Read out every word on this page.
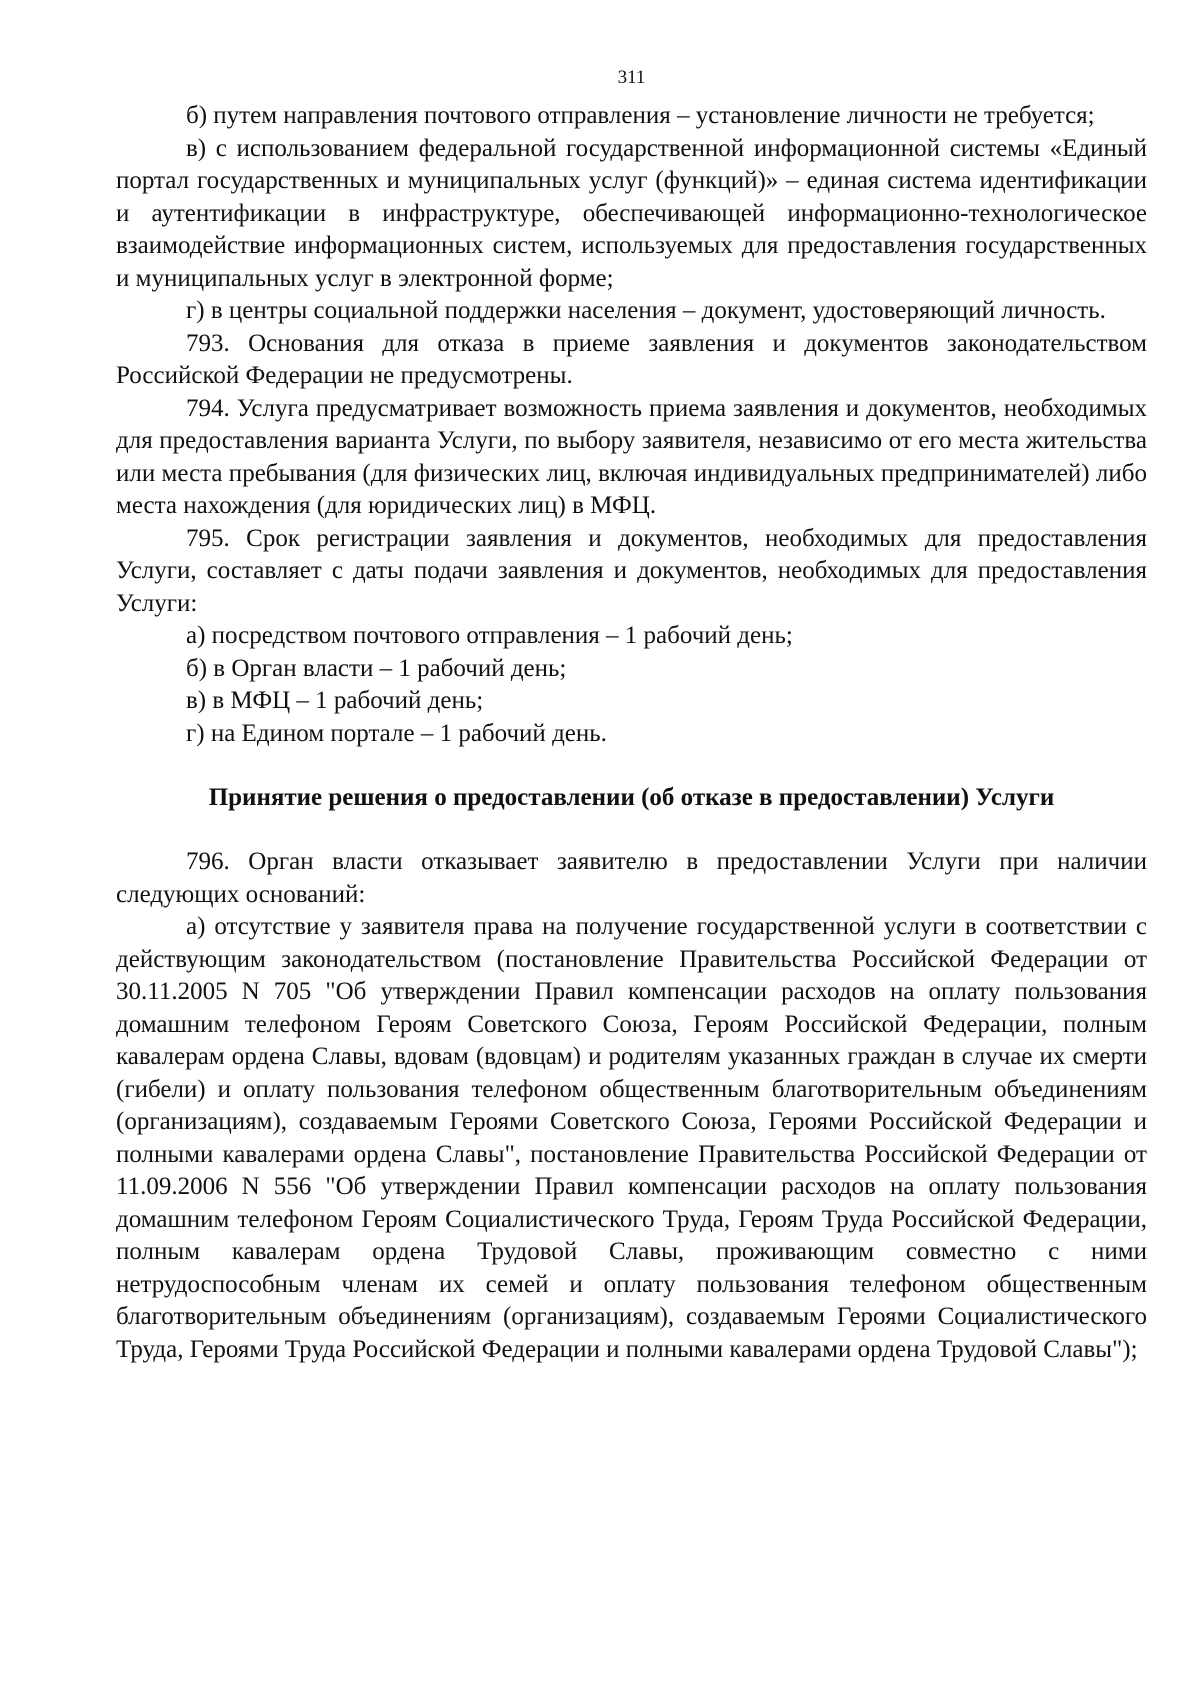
311

б) путем направления почтового отправления – установление личности не требуется;

в) с использованием федеральной государственной информационной системы «Единый портал государственных и муниципальных услуг (функций)» – единая система идентификации и аутентификации в инфраструктуре, обеспечивающей информационно-технологическое взаимодействие информационных систем, используемых для предоставления государственных и муниципальных услуг в электронной форме;

г) в центры социальной поддержки населения – документ, удостоверяющий личность.

793. Основания для отказа в приеме заявления и документов законодательством Российской Федерации не предусмотрены.

794. Услуга предусматривает возможность приема заявления и документов, необходимых для предоставления варианта Услуги, по выбору заявителя, независимо от его места жительства или места пребывания (для физических лиц, включая индивидуальных предпринимателей) либо места нахождения (для юридических лиц) в МФЦ.

795. Срок регистрации заявления и документов, необходимых для предоставления Услуги, составляет с даты подачи заявления и документов, необходимых для предоставления Услуги:

а) посредством почтового отправления – 1 рабочий день;

б) в Орган власти – 1 рабочий день;

в) в МФЦ – 1 рабочий день;

г) на Едином портале – 1 рабочий день.

Принятие решения о предоставлении (об отказе в предоставлении) Услуги

796. Орган власти отказывает заявителю в предоставлении Услуги при наличии следующих оснований:

а) отсутствие у заявителя права на получение государственной услуги в соответствии с действующим законодательством (постановление Правительства Российской Федерации от 30.11.2005 N 705 "Об утверждении Правил компенсации расходов на оплату пользования домашним телефоном Героям Советского Союза, Героям Российской Федерации, полным кавалерам ордена Славы, вдовам (вдовцам) и родителям указанных граждан в случае их смерти (гибели) и оплату пользования телефоном общественным благотворительным объединениям (организациям), создаваемым Героями Советского Союза, Героями Российской Федерации и полными кавалерами ордена Славы", постановление Правительства Российской Федерации от 11.09.2006 N 556 "Об утверждении Правил компенсации расходов на оплату пользования домашним телефоном Героям Социалистического Труда, Героям Труда Российской Федерации, полным кавалерам ордена Трудовой Славы, проживающим совместно с ними нетрудоспособным членам их семей и оплату пользования телефоном общественным благотворительным объединениям (организациям), создаваемым Героями Социалистического Труда, Героями Труда Российской Федерации и полными кавалерами ордена Трудовой Славы");
